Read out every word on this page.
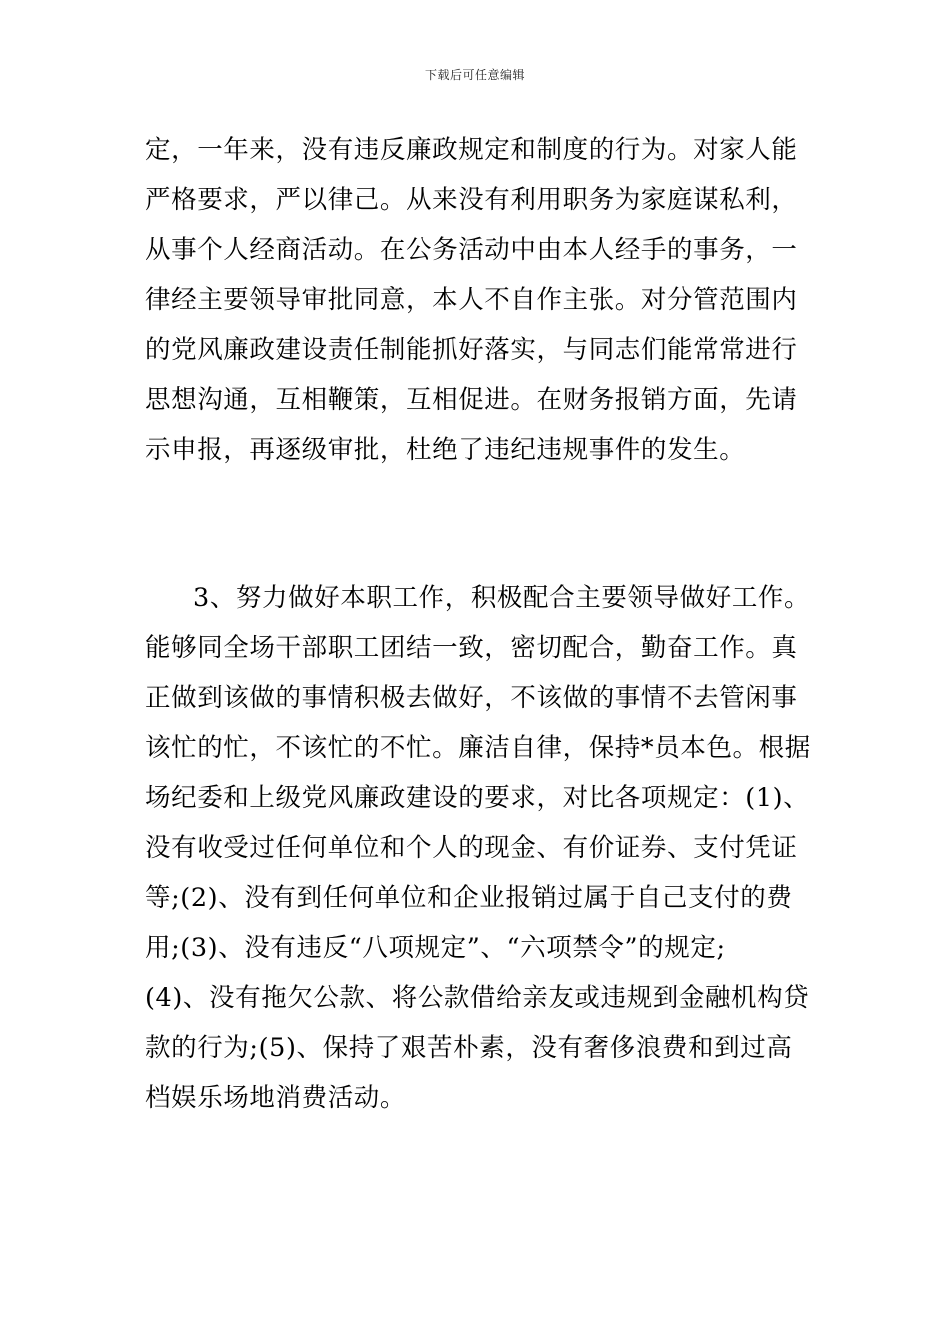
下载后可任意编辑
定，一年来，没有违反廉政规定和制度的行为。对家人能
严格要求，严以律己。从来没有利用职务为家庭谋私利，
从事个人经商活动。在公务活动中由本人经手的事务，一
律经主要领导审批同意，本人不自作主张。对分管范围内
的党风廉政建设责任制能抓好落实，与同志们能常常进行
思想沟通，互相鞭策，互相促进。在财务报销方面，先请
示申报，再逐级审批，杜绝了违纪违规事件的发生。
3、努力做好本职工作，积极配合主要领导做好工作。
能够同全场干部职工团结一致，密切配合，勤奋工作。真
正做到该做的事情积极去做好，不该做的事情不去管闲事
该忙的忙，不该忙的不忙。廉洁自律，保持*员本色。根据
场纪委和上级党风廉政建设的要求，对比各项规定：(1)、
没有收受过任何单位和个人的现金、有价证券、支付凭证
等;(2)、没有到任何单位和企业报销过属于自己支付的费
用;(3)、没有违反“八项规定”、“六项禁令”的规定;
(4)、没有拖欠公款、将公款借给亲友或违规到金融机构贷
款的行为;(5)、保持了艰苦朴素，没有奢侈浪费和到过高
档娱乐场地消费活动。
